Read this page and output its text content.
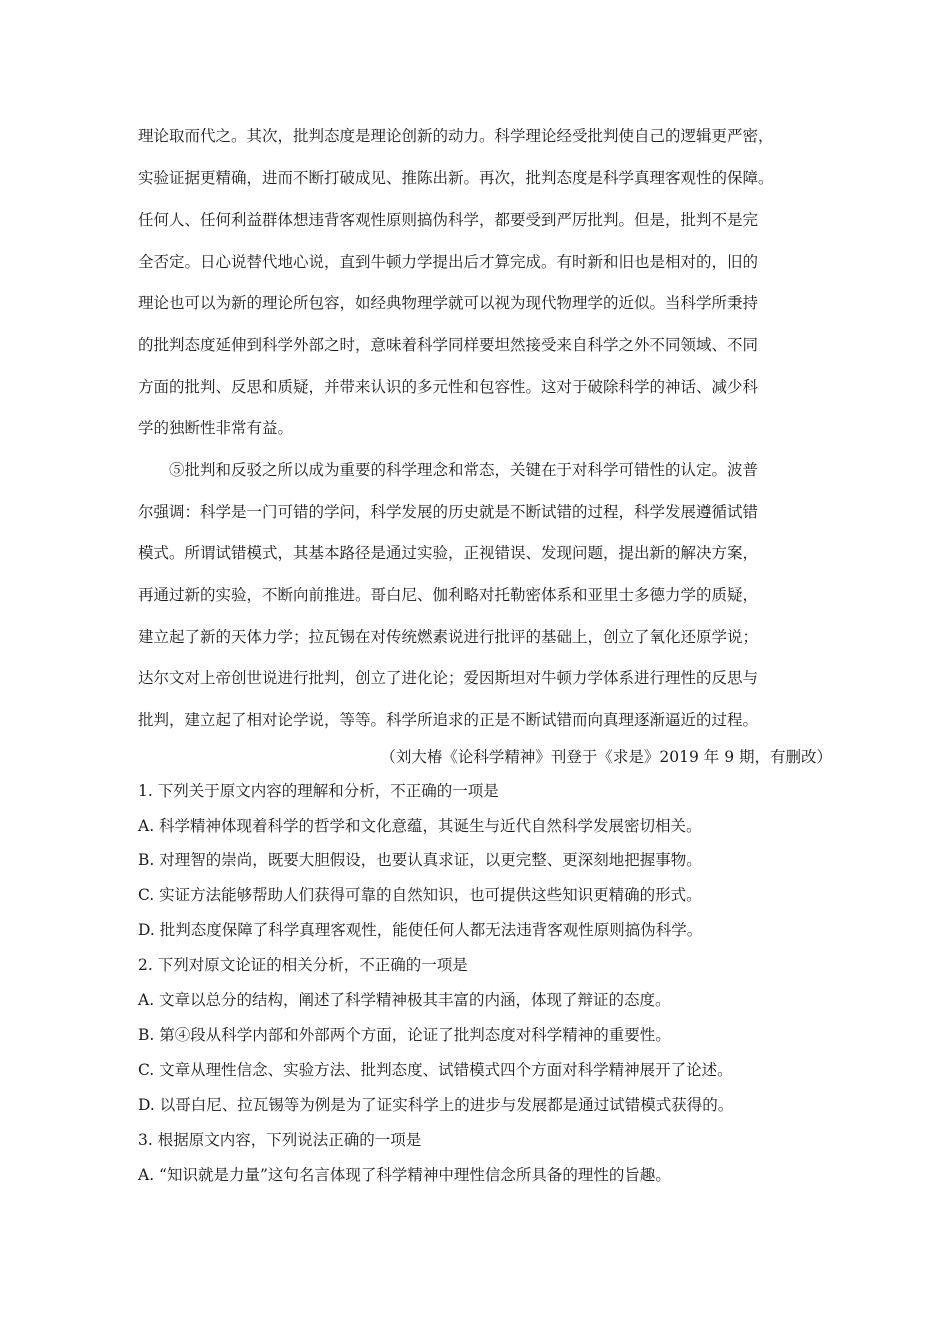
理论取而代之。其次，批判态度是理论创新的动力。科学理论经受批判使自己的逻辑更严密，
实验证据更精确，进而不断打破成见、推陈出新。再次，批判态度是科学真理客观性的保障。
任何人、任何利益群体想违背客观性原则搞伪科学，都要受到严厉批判。但是，批判不是完
全否定。日心说替代地心说，直到牛顿力学提出后才算完成。有时新和旧也是相对的，旧的
理论也可以为新的理论所包容，如经典物理学就可以视为现代物理学的近似。当科学所秉持
的批判态度延伸到科学外部之时，意味着科学同样要坦然接受来自科学之外不同领域、不同
方面的批判、反思和质疑，并带来认识的多元性和包容性。这对于破除科学的神话、减少科
学的独断性非常有益。
　　⑤批判和反驳之所以成为重要的科学理念和常态，关键在于对科学可错性的认定。波普
尔强调：科学是一门可错的学问，科学发展的历史就是不断试错的过程，科学发展遵循试错
模式。所谓试错模式，其基本路径是通过实验，正视错误、发现问题，提出新的解决方案，
再通过新的实验，不断向前推进。哥白尼、伽利略对托勒密体系和亚里士多德力学的质疑，
建立起了新的天体力学；拉瓦锡在对传统燃素说进行批评的基础上，创立了氧化还原学说；
达尔文对上帝创世说进行批判，创立了进化论；爱因斯坦对牛顿力学体系进行理性的反思与
批判，建立起了相对论学说，等等。科学所追求的正是不断试错而向真理逐渐逼近的过程。
（刘大椿《论科学精神》刊登于《求是》2019 年 9 期，有删改）
1. 下列关于原文内容的理解和分析，不正确的一项是
A. 科学精神体现着科学的哲学和文化意蕴，其诞生与近代自然科学发展密切相关。
B. 对理智的崇尚，既要大胆假设，也要认真求证，以更完整、更深刻地把握事物。
C. 实证方法能够帮助人们获得可靠的自然知识，也可提供这些知识更精确的形式。
D. 批判态度保障了科学真理客观性，能使任何人都无法违背客观性原则搞伪科学。
2. 下列对原文论证的相关分析，不正确的一项是
A. 文章以总分的结构，阐述了科学精神极其丰富的内涵，体现了辩证的态度。
B. 第④段从科学内部和外部两个方面，论证了批判态度对科学精神的重要性。
C. 文章从理性信念、实验方法、批判态度、试错模式四个方面对科学精神展开了论述。
D. 以哥白尼、拉瓦锡等为例是为了证实科学上的进步与发展都是通过试错模式获得的。
3. 根据原文内容，下列说法正确的一项是
A. “知识就是力量”这句名言体现了科学精神中理性信念所具备的理性的旨趣。
